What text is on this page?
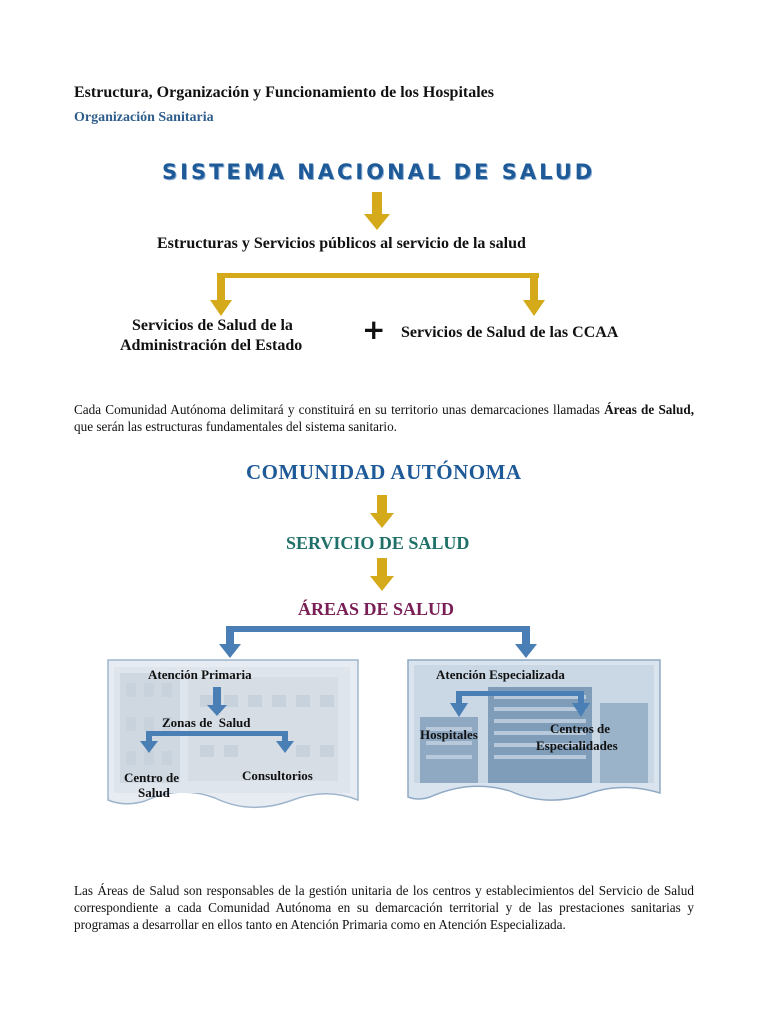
Estructura, Organización y Funcionamiento de los Hospitales
Organización Sanitaria
SISTEMA NACIONAL DE SALUD
Estructuras y Servicios públicos al servicio de la salud
Servicios de Salud de la
Administración del Estado + Servicios de Salud de las CCAA
Cada Comunidad Autónoma delimitará y constituirá en su territorio unas demarcaciones llamadas Áreas de Salud, que serán las estructuras fundamentales del sistema sanitario.
COMUNIDAD AUTÓNOMA
SERVICIO DE SALUD
ÁREAS DE SALUD
Atención Primaria
Zonas de  Salud
Centro de
Salud
Consultorios
Atención Especializada
Hospitales	Centros de
Especialidades
Las Áreas de Salud son responsables de la gestión unitaria de los centros y establecimientos del Servicio de Salud correspondiente a cada Comunidad Autónoma en su demarcación territorial y de las prestaciones sanitarias y programas a desarrollar en ellos tanto en Atención Primaria como en Atención Especializada.
